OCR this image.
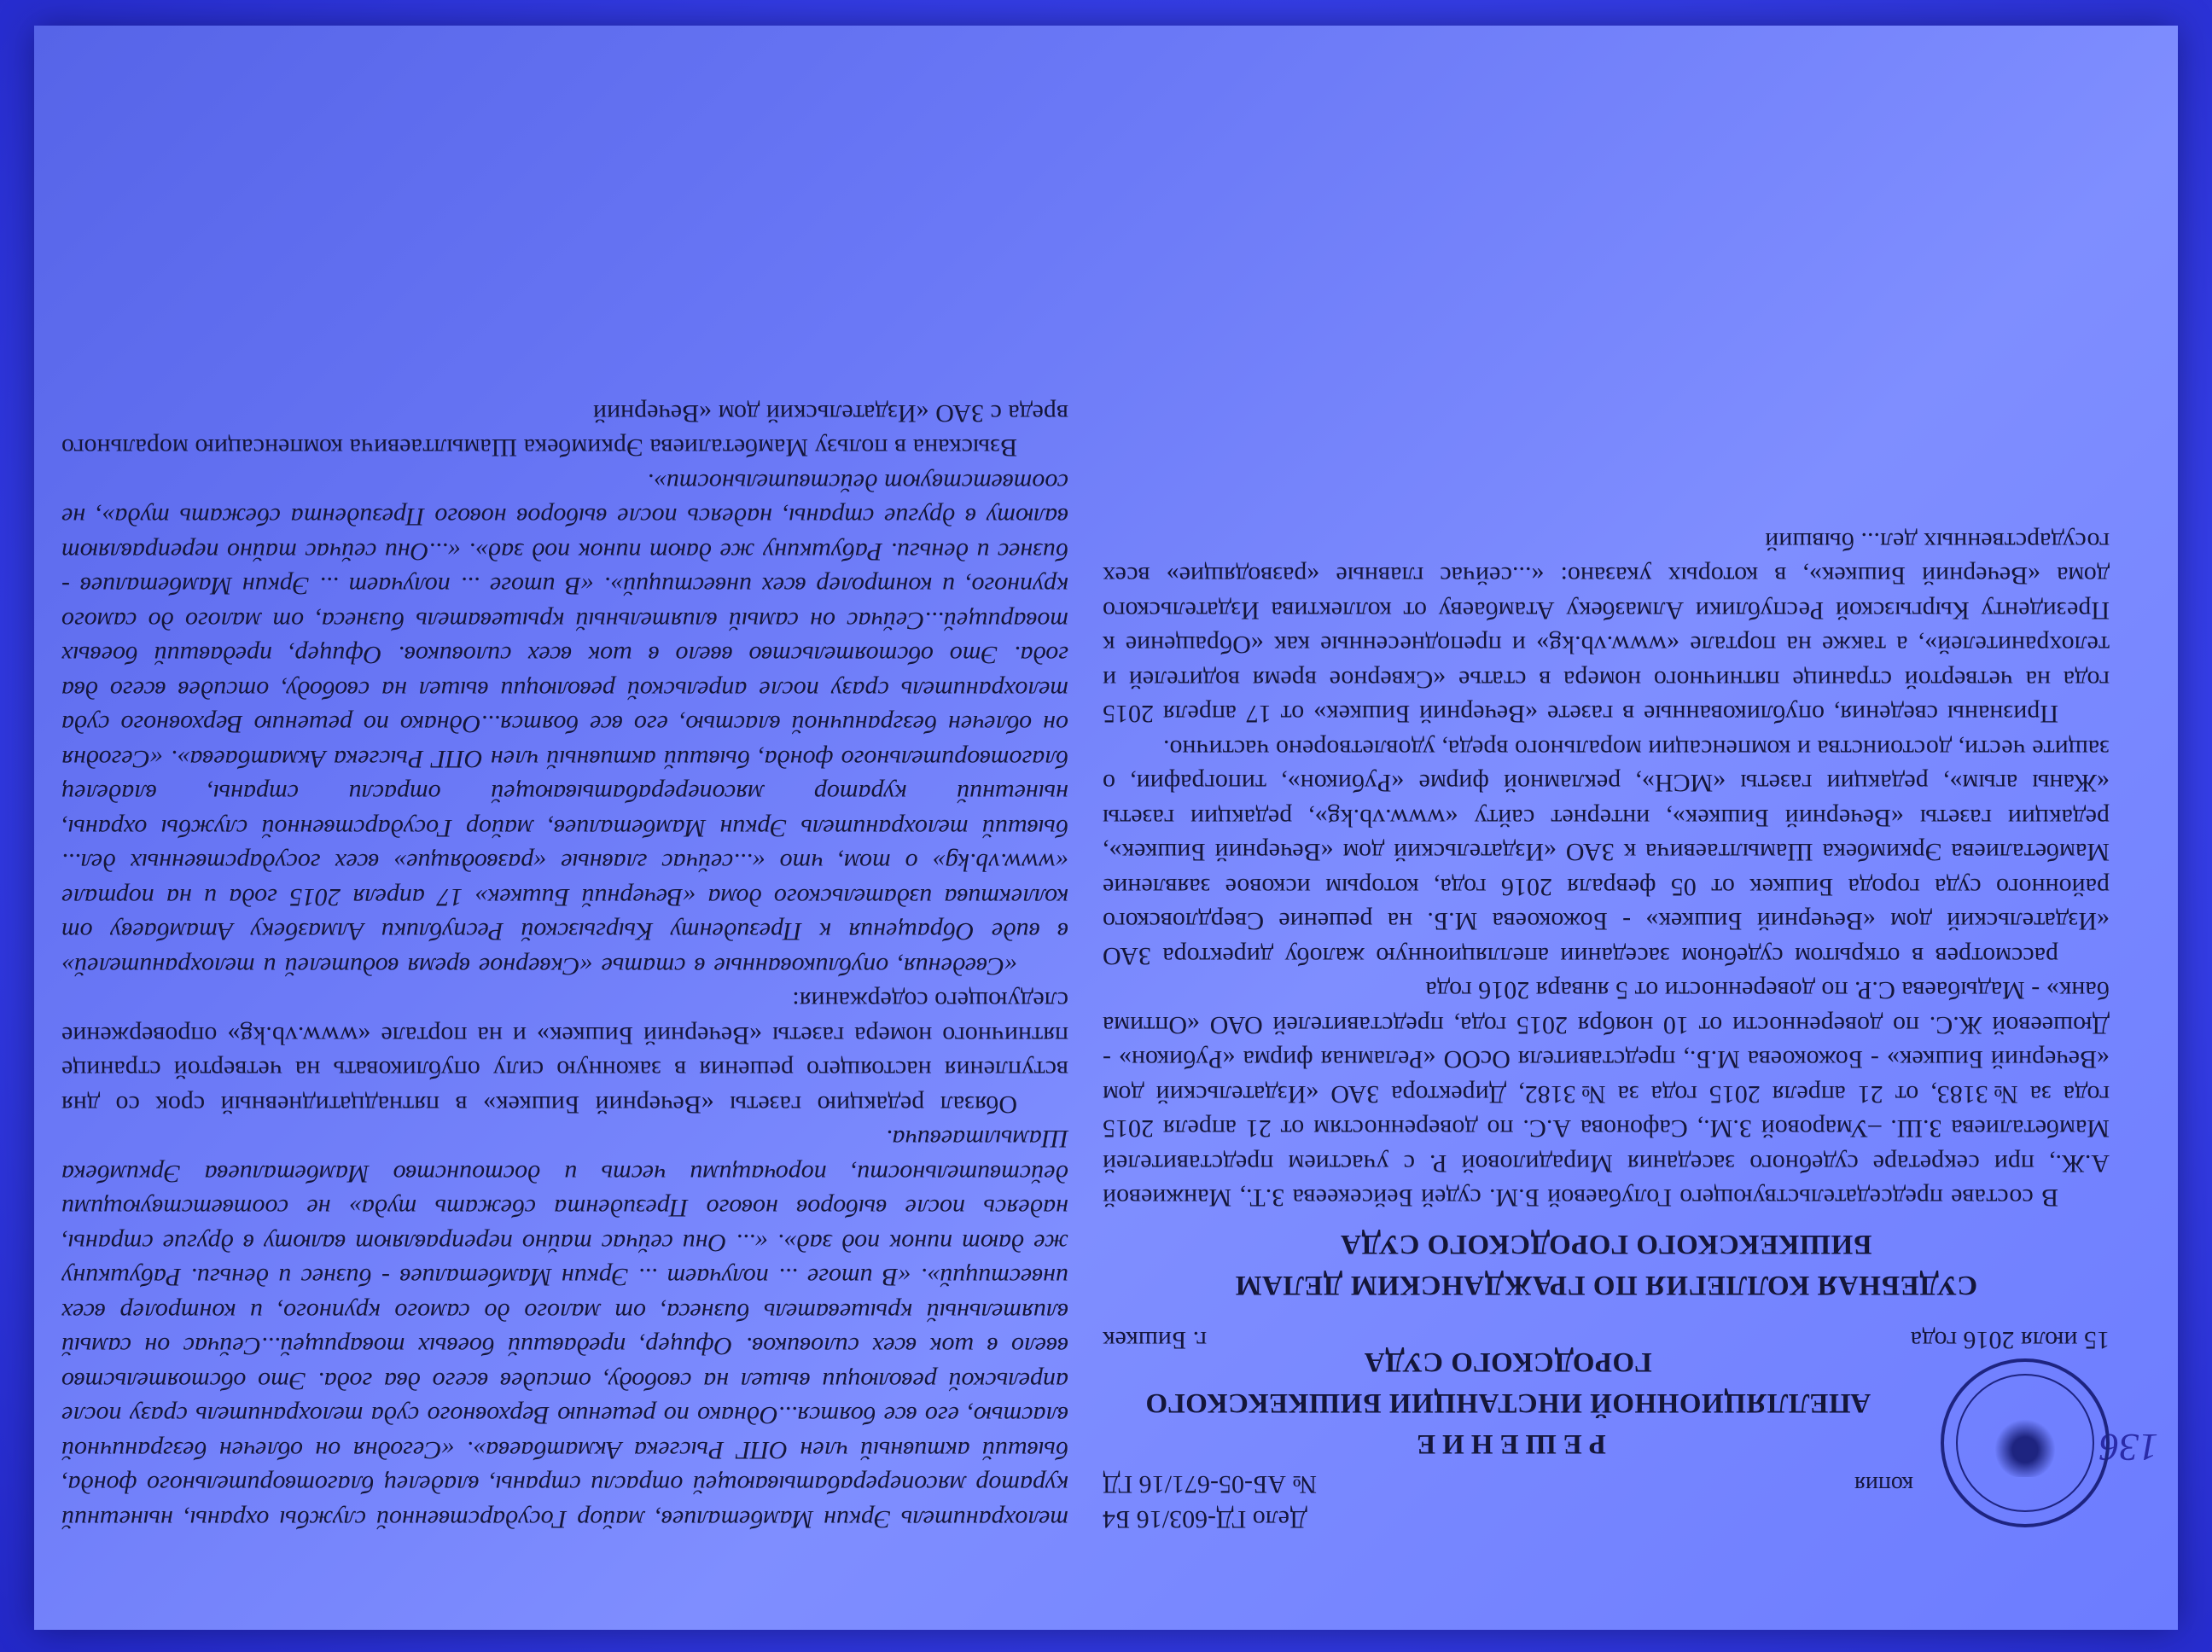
136
Дело ГД-603/16 Б4
копия
№ АБ-05-671/16 ГД
РЕШЕНИЕ
АПЕЛЛЯЦИОННОЙ ИНСТАНЦИИ БИШКЕКСКОГО
ГОРОДСКОГО СУДА
15 июля 2016 года
г. Бишкек
СУДЕБНАЯ КОЛЛЕГИЯ ПО ГРАЖДАНСКИМ ДЕЛАМ
БИШКЕКСКОГО ГОРОДСКОГО СУДА

В составе председательствующего Голубаевой Б.М. судей Бейсекеева З.Т., Манжиевой А.Ж., при секретаре судебного заседания Мирадиловой Р. с участием представителей Мамбеталиева З.Ш. –Умаровой З.М., Сафонова А.С. по доверенностям от 21 апреля 2015 года за №3183, от 21 апреля 2015 года за №3182, Директора ЗАО «Издательский дом «Вечерний Бишкек» - Божокоева М.Б., представителя ОсОО «Реламная фирма «Рубикон» - Дюшеевой Ж.С. по доверенности от 10 ноября 2015 года, представителей ОАО «Оптима банк» - Мадыбаева С.Р. по доверенности от 5 января 2016 года

рассмотрев в открытом судебном заседании апелляционную жалобу директора ЗАО «Издательский дом «Вечерний Бишкек» - Божокоева М.Б. на решение Свердловского районного суда города Бишкек от 05 февраля 2016 года, которым исковое заявление Мамбеталиева Эркимбека Шамылтаевича к ЗАО «Издательский дом «Вечерний Бишкек», редакции газеты «Вечерний Бишкек», интернет сайту «www.vb.kg», редакции газеты «Жаны агым», редакции газеты «МСН», рекламной фирме «Рубикон», типографии, о защите чести, достоинства и компенсации морального вреда, удовлетворено частично.

Признаны сведения, опубликованные в газете «Вечерний Бишкек» от 17 апреля 2015 года на четвертой странице пятничного номера в статье «Скверное время водителей и телохранителей», а также на портале «www.vb.kg» и преподнесенные как «Обращение к Президенту Кыргызской Республики Алмазбеку Атамбаеву от коллектива Издательского дома «Вечерний Бишкек», в которых указано: «...сейчас главные «разводящие» всех государственных дел... бывший

телохранитель Эркин Мамбеталиев, майор Государственной службы охраны, нынешний куратор мясоперерабатывающей отрасли страны, владелец благотворительного фонда, бывший активный член ОПГ Рысгека Акматбаева». «Сегодня он облечен безграничной властью, его все боятся...Однако по решению Верховного суда телохранитель сразу после апрельской революции вышел на свободу, отсидев всего два года. Это обстоятельство ввело в шок всех силовиков. Офицер, предавший боевых товарищей...Сейчас он самый влиятельный крышеватель бизнеса, от малого до самого крупного, и контролер всех инвестиций». «В итоге ... получает ... Эркин Мамбеталиев - бизнес и деньги. Рабушкину же дают пинок под зад». «... Они сейчас тайно переправляют валюту в другие страны, надеясь после выборов нового Президента сбежать туда» не соответствующими действительности, порочащими честь и достоинство Мамбеталиева Эркимбека Шамылтаевича.

Обязал редакцию газеты «Вечерний Бишкек» в пятнадцатидневный срок со дня вступления настоящего решения в законную силу опубликовать на четвертой странице пятничного номера газеты «Вечерний Бишкек» и на портале «www.vb.kg» опровержение следующего содержания:

«Сведения, опубликованные в статье «Скверное время водителей и телохранителей» в виде Обращения к Президенту Кыргызской Республики Алмазбеку Атамбаеву от коллектива издательского дома «Вечерний Бишкек» 17 апреля 2015 года и на портале «www.vb.kg» о том, что «...сейчас главные «разводящие» всех государственных дел... бывший телохранитель Эркин Мамбеталиев, майор Государственной службы охраны, нынешний куратор мясоперерабатывающей отрасли страны, владелец благотворительного фонда, бывший активный член ОПГ Рысгека Акматбаева». «Сегодня он облечен безграничной властью, его все боятся...Однако по решению Верховного суда телохранитель сразу после апрельской революции вышел на свободу, отсидев всего два года. Это обстоятельство ввело в шок всех силовиков. Офицер, предавший боевых товарищей...Сейчас он самый влиятельный крышеватель бизнеса, от малого до самого крупного, и контролер всех инвестиций». «В итоге ... получает ... Эркин Мамбеталиев - бизнес и деньги. Рабушкину же дают пинок под зад». «...Они сейчас тайно переправляют валюту в другие страны, надеясь после выборов нового Президента сбежать туда», не соответствуют действительности».

Взыскана в пользу Мамбеталиева Эркимбека Шамылтаевича компенсацию морального вреда с ЗАО «Издательский дом «Вечерний
